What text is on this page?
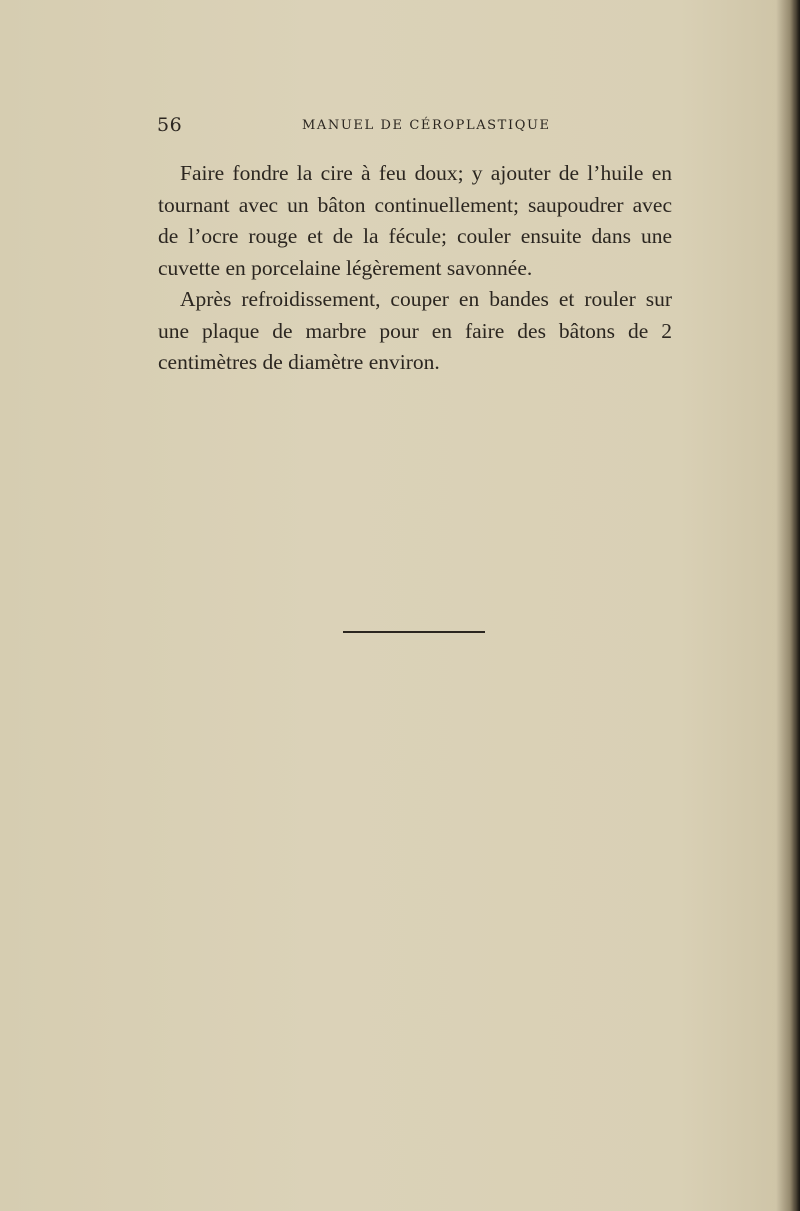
56	MANUEL DE CÉROPLASTIQUE

Faire fondre la cire à feu doux; y ajouter de l’huile en tournant avec un bâton continuellement; saupoudrer avec de l’ocre rouge et de la fécule; couler ensuite dans une cuvette en porcelaine légèrement savonnée.

Après refroidissement, couper en bandes et rouler sur une plaque de marbre pour en faire des bâtons de 2 centimètres de diamètre environ.
